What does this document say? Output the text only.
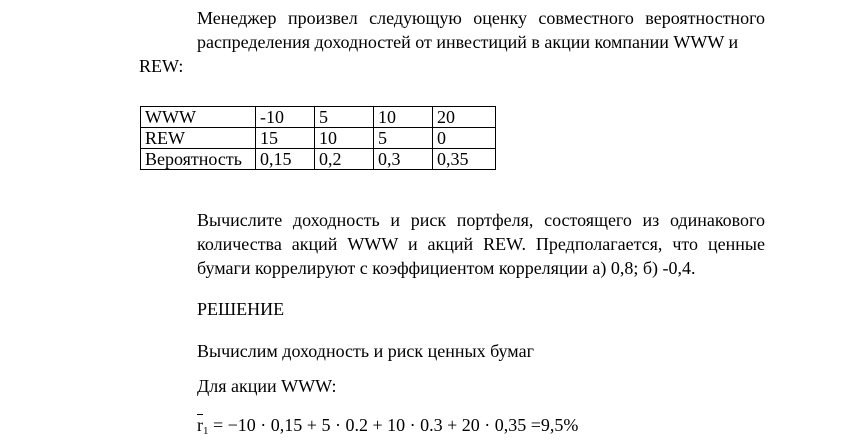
Менеджер произвел следующую оценку совместного вероятностного
распределения доходностей от инвестиций в акции компании WWW и REW:
WWW	-10	5	10	20
REW	15	10	5	0
Вероятность	0,15	0,2	0,3	0,35
Вычислите доходность и риск портфеля, состоящего из одинакового
количества акций WWW и акций REW. Предполагается, что ценные
бумаги коррелируют с коэффициентом корреляции а) 0,8; б) -0,4.

РЕШЕНИЕ

Вычислим доходность и риск ценных бумаг

Для акции WWW:

$\overline{r}_1 = -10 \cdot 0,15 + 5 \cdot 0.2 + 10 \cdot 0.3 + 20 \cdot 0,35 =9,5\%$
